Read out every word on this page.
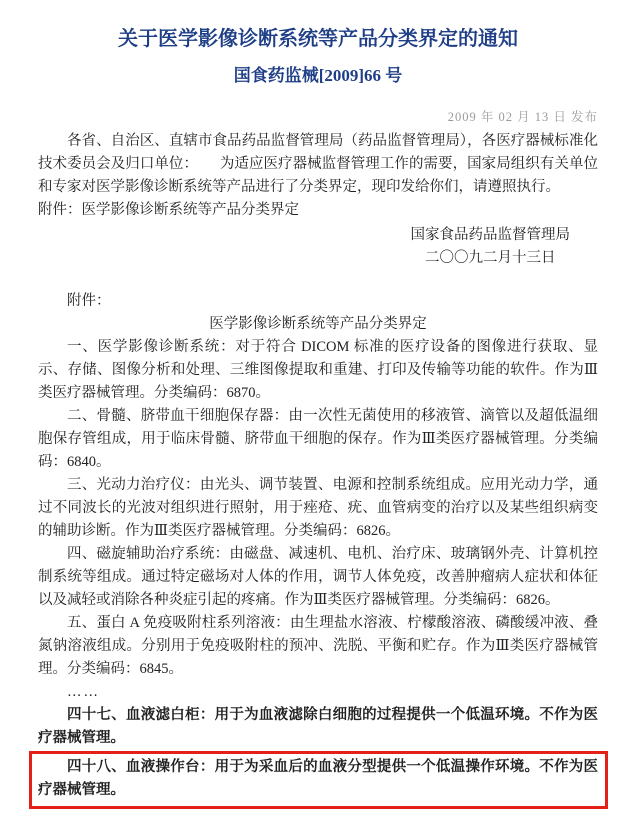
关于医学影像诊断系统等产品分类界定的通知
国食药监械[2009]66 号
2009 年 02 月 13 日 发布

各省、自治区、直辖市食品药品监督管理局（药品监督管理局），各医疗器械标准化技术委员会及归口单位：　　为适应医疗器械监督管理工作的需要，国家局组织有关单位和专家对医学影像诊断系统等产品进行了分类界定，现印发给你们，请遵照执行。

附件：医学影像诊断系统等产品分类界定

国家食品药品监督管理局
二〇〇九二月十三日

附件：

医学影像诊断系统等产品分类界定

一、医学影像诊断系统：对于符合 DICOM 标准的医疗设备的图像进行获取、显示、存储、图像分析和处理、三维图像提取和重建、打印及传输等功能的软件。作为Ⅲ类医疗器械管理。分类编码：6870。

二、骨髓、脐带血干细胞保存器：由一次性无菌使用的移液管、滴管以及超低温细胞保存管组成，用于临床骨髓、脐带血干细胞的保存。作为Ⅲ类医疗器械管理。分类编码：6840。

三、光动力治疗仪：由光头、调节装置、电源和控制系统组成。应用光动力学，通过不同波长的光波对组织进行照射，用于痤疮、疣、血管病变的治疗以及某些组织病变的辅助诊断。作为Ⅲ类医疗器械管理。分类编码：6826。

四、磁旋辅助治疗系统：由磁盘、减速机、电机、治疗床、玻璃钢外壳、计算机控制系统等组成。通过特定磁场对人体的作用，调节人体免疫，改善肿瘤病人症状和体征以及减轻或消除各种炎症引起的疼痛。作为Ⅲ类医疗器械管理。分类编码：6826。

五、蛋白 A 免疫吸附柱系列溶液：由生理盐水溶液、柠檬酸溶液、磷酸缓冲液、叠氮钠溶液组成。分别用于免疫吸附柱的预冲、洗脱、平衡和贮存。作为Ⅲ类医疗器械管理。分类编码：6845。

……

四十七、血液滤白柜：用于为血液滤除白细胞的过程提供一个低温环境。不作为医疗器械管理。

四十八、血液操作台：用于为采血后的血液分型提供一个低温操作环境。不作为医疗器械管理。
